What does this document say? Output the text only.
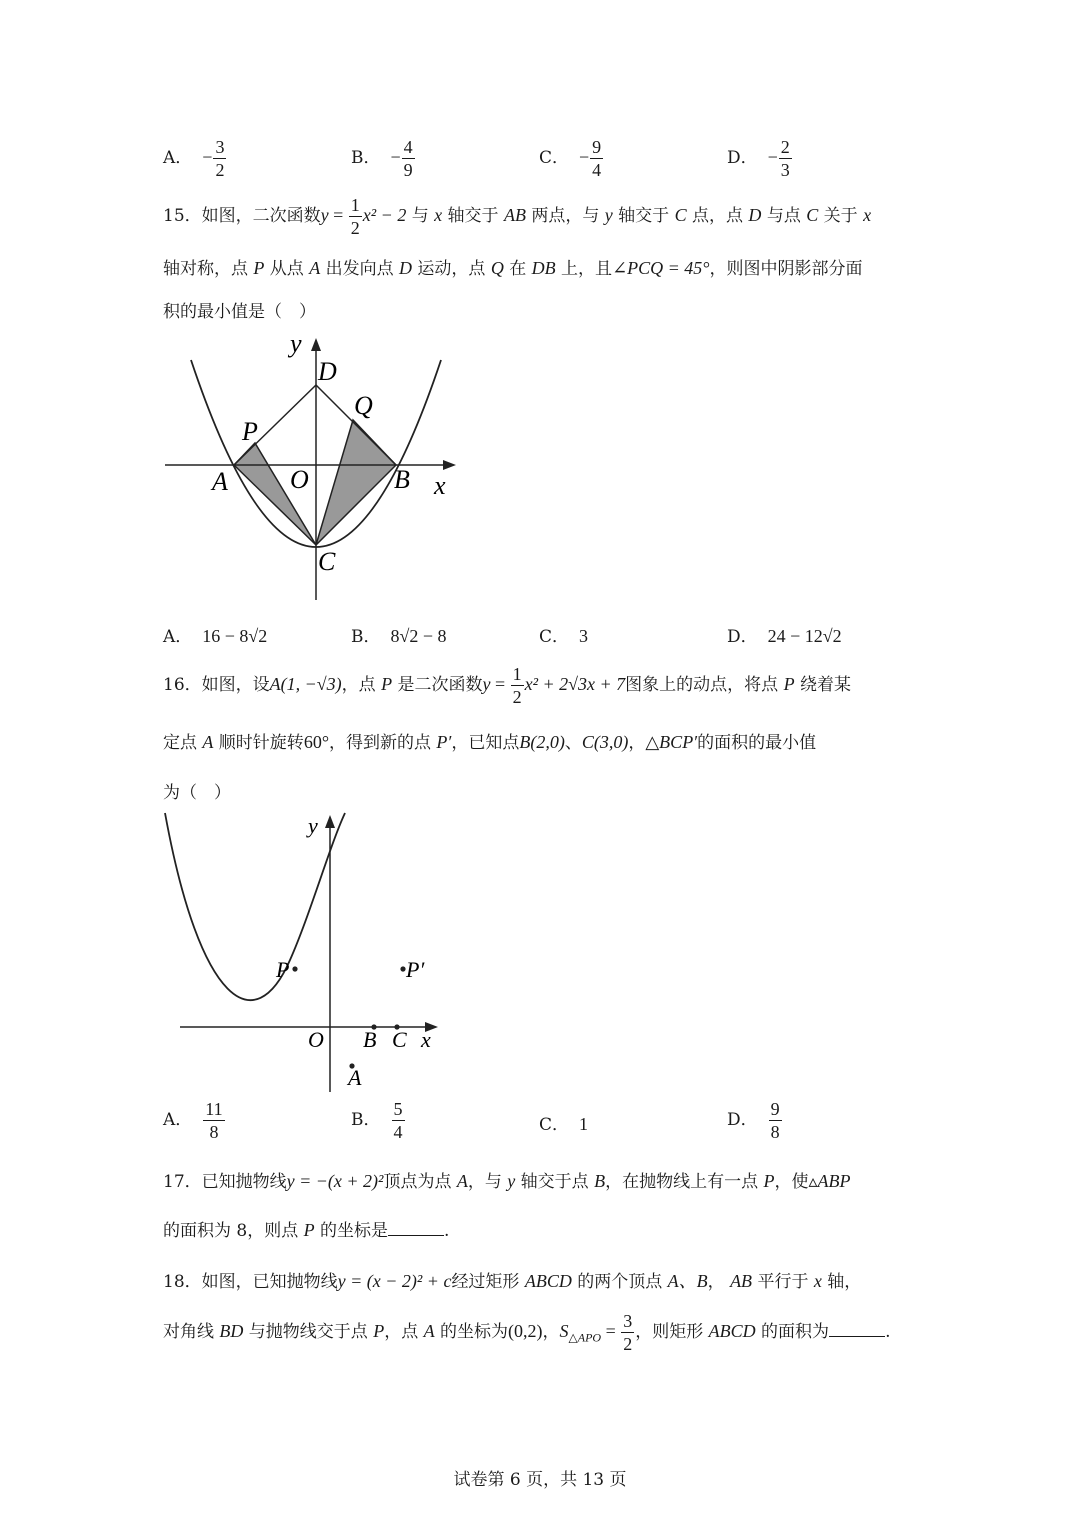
A． − $\frac{3}{2}$	B． − $\frac{4}{9}$	C． − $\frac{9}{4}$	D． − $\frac{2}{3}$
15．如图，二次函数$y = \frac{1}{2} x^2 - 2$ 与 x 轴交于 AB 两点，与 y 轴交于 C 点，点 D 与点 C 关于 x
轴对称，点 P 从点 A 出发向点 D 运动，点 Q 在 DB 上，且∠PCQ = 45°，则图中阴影部分面
积的最小值是（　）
y
D
Q
P
A O	B x
C
A． 16 − 8√2	B． 8√2 − 8	C． 3	D． 24 − 12√2
16．如图，设A(1, −√3)，点 P 是二次函数$y = \frac{1}{2} x^2 + 2√3x + 7$图象上的动点，将点 P 绕着某
定点 A 顺时针旋转60°，得到新的点 P′，已知点B(2,0)、C(3,0)，△BCP′的面积的最小值
为（　）
y
P	P′
O B C x
A
A． $\frac{11}{8}$	B． $\frac{5}{4}$	C． 1	D． $\frac{9}{8}$
17．已知抛物线y = −(x + 2)²顶点为点 A，与 y 轴交于点 B，在抛物线上有一点 P，使▵ABP
的面积为 8，则点 P 的坐标是	.
18．如图，已知抛物线y = (x − 2)² + c经过矩形 ABCD 的两个顶点 A、B， AB 平行于 x 轴，
对角线 BD 与抛物线交于点 P，点 A 的坐标为(0,2)，$S_{\triangle APO} = \frac{3}{2}$ ，则矩形 ABCD 的面积为	.
试卷第 6 页，共 13 页
